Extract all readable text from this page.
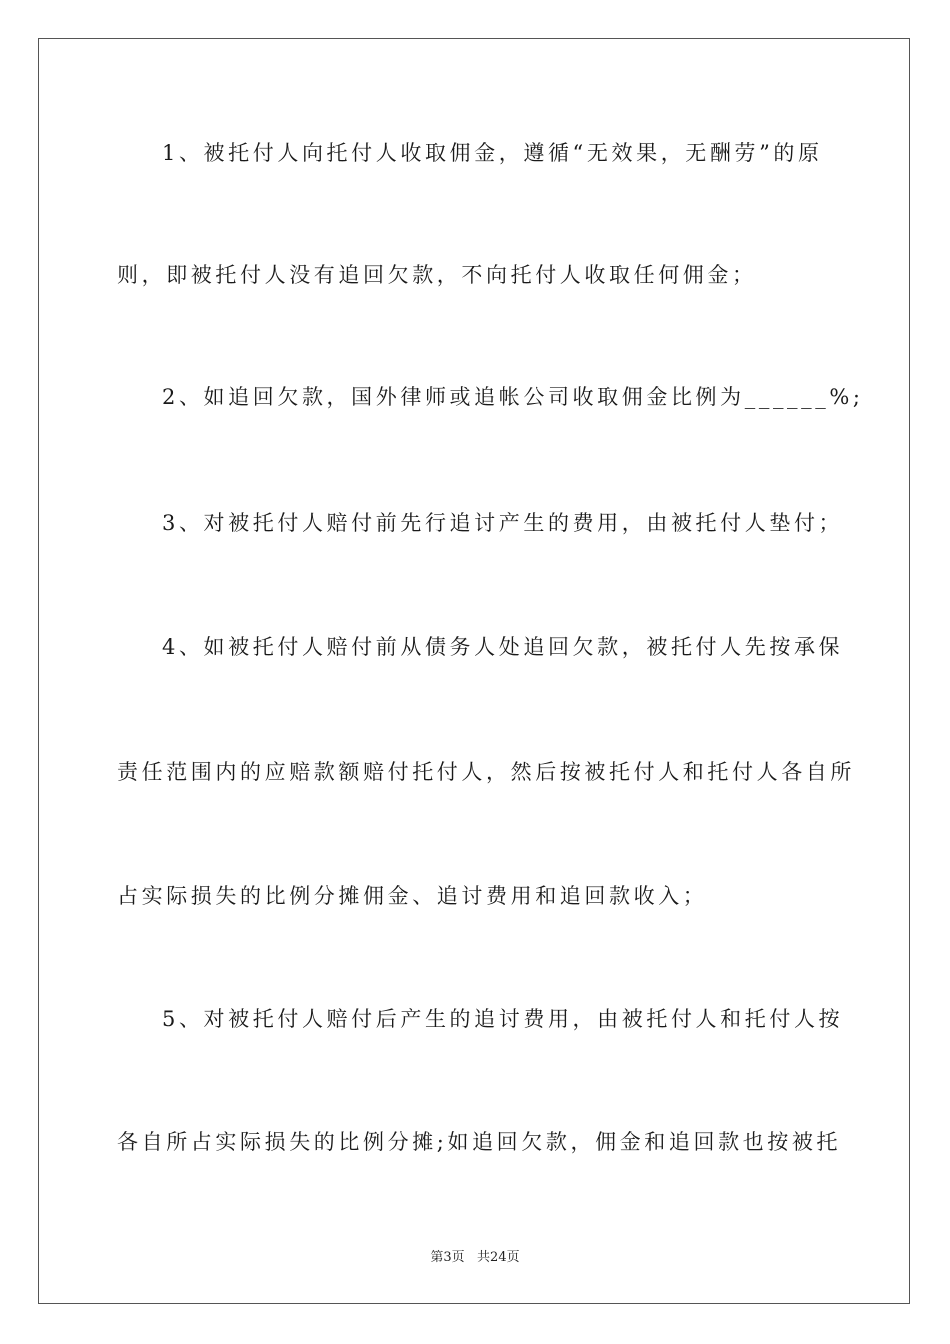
1、被托付人向托付人收取佣金，遵循“无效果，无酬劳”的原
则，即被托付人没有追回欠款，不向托付人收取任何佣金；
2、如追回欠款，国外律师或追帐公司收取佣金比例为______%;
3、对被托付人赔付前先行追讨产生的费用，由被托付人垫付；
4、如被托付人赔付前从债务人处追回欠款，被托付人先按承保
责任范围内的应赔款额赔付托付人，然后按被托付人和托付人各自所
占实际损失的比例分摊佣金、追讨费用和追回款收入；
5、对被托付人赔付后产生的追讨费用，由被托付人和托付人按
各自所占实际损失的比例分摊;如追回欠款，佣金和追回款也按被托
第3页   共24页
